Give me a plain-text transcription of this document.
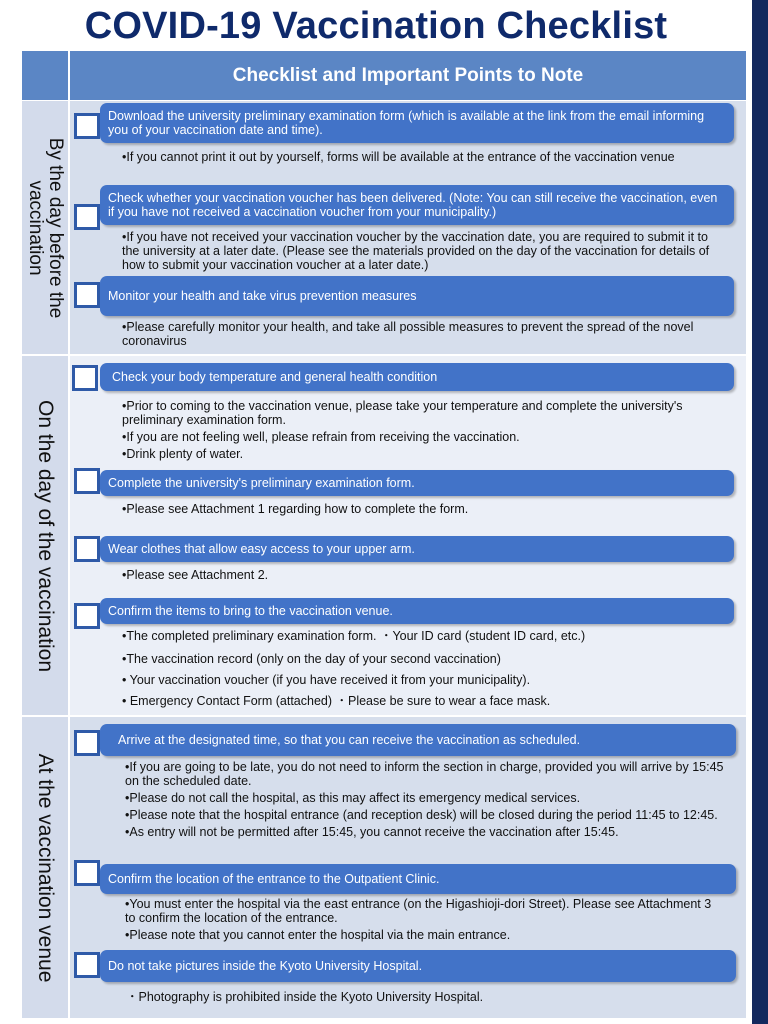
COVID-19 Vaccination Checklist
Checklist and Important Points to Note
By the day before the
vaccination
On the day of the vaccination
At the vaccination venue
Download the university preliminary examination form (which is available at the link from the email informing you of your vaccination date and time).
•If you cannot print it out by yourself, forms will be available at the entrance of the vaccination venue
Check whether your vaccination voucher has been delivered. (Note: You can still receive the vaccination, even if you have not received a vaccination voucher from your municipality.)
•If you have not received your vaccination voucher by the vaccination date, you are required to submit it to the university at a later date. (Please see the materials provided on the day of the vaccination for details of how to submit your vaccination voucher at a later date.)
Monitor your health and take virus prevention measures
•Please carefully monitor your health, and take all possible measures to prevent the spread of the novel coronavirus
Check your body temperature and general health condition
•Prior to coming to the vaccination venue, please take your temperature and complete the university's preliminary examination form.
•If you are not feeling well, please refrain from receiving the vaccination.
•Drink plenty of water.
Complete the university's preliminary examination form.
•Please see Attachment 1 regarding how to complete the form.
Wear clothes that allow easy access to your upper arm.
•Please see Attachment 2.
Confirm the items to bring to the vaccination venue.
•The completed preliminary examination form. ・Your ID card (student ID card, etc.)
•The vaccination record (only on the day of your second vaccination)
• Your vaccination voucher (if you have received it from your municipality).
• Emergency Contact Form (attached) ・Please be sure to wear a face mask.
Arrive at the designated time, so that you can receive the vaccination as scheduled.
•If you are going to be late, you do not need to inform the section in charge, provided you will arrive by 15:45 on the scheduled date.
•Please do not call the hospital, as this may affect its emergency medical services.
•Please note that the hospital entrance (and reception desk) will be closed during the period 11:45 to 12:45.
•As entry will not be permitted after 15:45, you cannot receive the vaccination after 15:45.
Confirm the location of the entrance to the Outpatient Clinic.
•You must enter the hospital via the east entrance (on the Higashioji-dori Street). Please see Attachment 3 to confirm the location of the entrance.
•Please note that you cannot enter the hospital via the main entrance.
Do not take pictures inside the Kyoto University Hospital.
・Photography is prohibited inside the Kyoto University Hospital.
